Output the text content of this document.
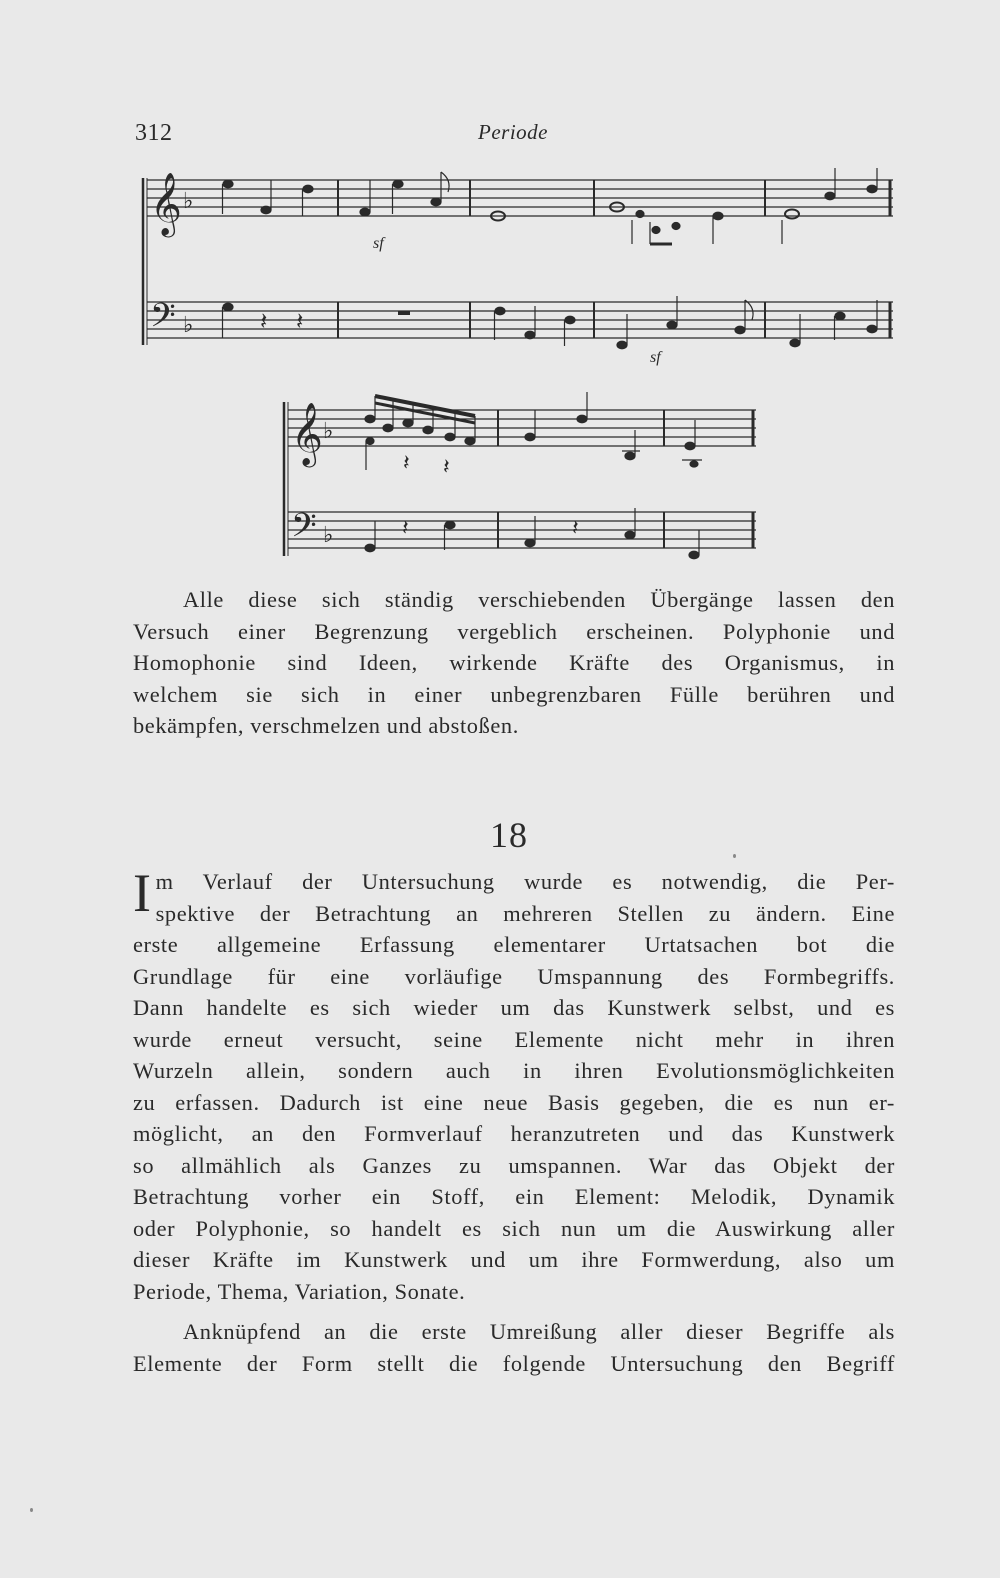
312	Periode
𝄞
𝄢
♭
♭	𝄽 𝄽
𝄞
𝄢
♭
♭
𝄽 𝄽
𝄽	𝄽
sf
sf

Alle diese sich ständig verschiebenden Übergänge lassen den
Versuch einer Begrenzung vergeblich erscheinen. Polyphonie und
Homophonie sind Ideen, wirkende Kräfte des Organismus, in
welchem sie sich in einer unbegrenzbaren Fülle berühren und
bekämpfen, verschmelzen und abstoßen.

18
I m Verlauf der Untersuchung wurde es notwendig, die Per-
spektive der Betrachtung an mehreren Stellen zu ändern. Eine
erste allgemeine Erfassung elementarer Urtatsachen bot die
Grundlage für eine vorläufige Umspannung des Formbegriffs.
Dann handelte es sich wieder um das Kunstwerk selbst, und es
wurde erneut versucht, seine Elemente nicht mehr in ihren
Wurzeln allein, sondern auch in ihren Evolutionsmöglichkeiten
zu erfassen. Dadurch ist eine neue Basis gegeben, die es nun er-
möglicht, an den Formverlauf heranzutreten und das Kunstwerk
so allmählich als Ganzes zu umspannen. War das Objekt der
Betrachtung vorher ein Stoff, ein Element: Melodik, Dynamik
oder Polyphonie, so handelt es sich nun um die Auswirkung aller
dieser Kräfte im Kunstwerk und um ihre Formwerdung, also um
Periode, Thema, Variation, Sonate.

Anknüpfend an die erste Umreißung aller dieser Begriffe als
Elemente der Form stellt die folgende Untersuchung den Begriff
